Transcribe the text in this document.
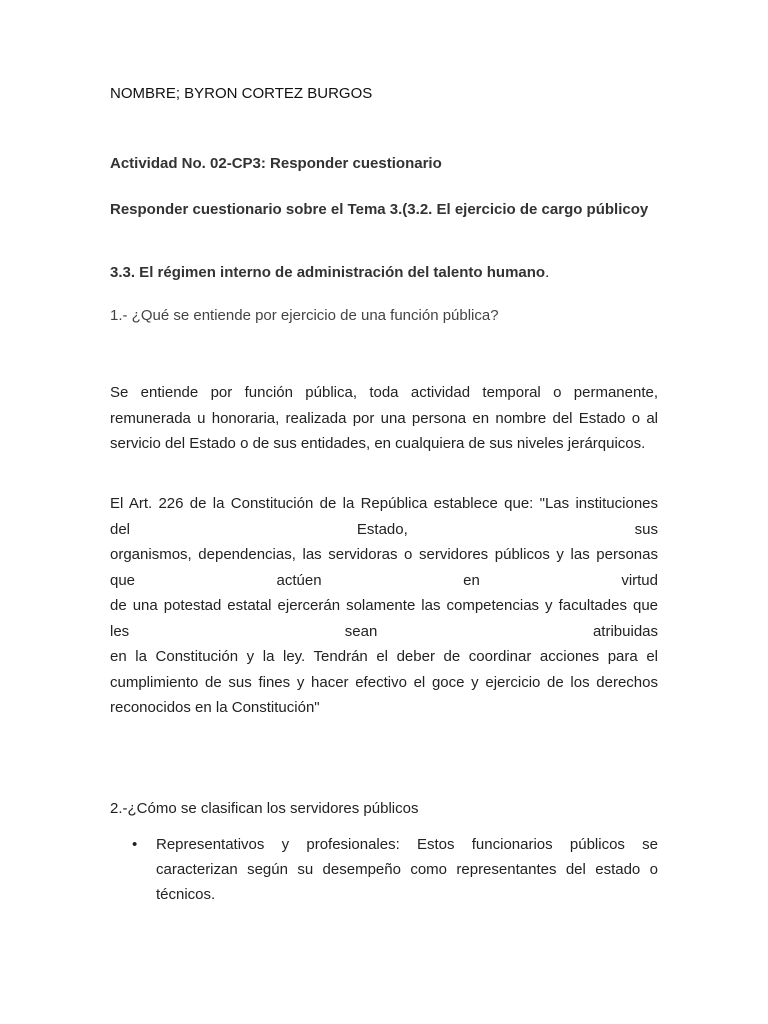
NOMBRE; BYRON CORTEZ BURGOS

Actividad No. 02-CP3: Responder cuestionario

Responder cuestionario sobre el Tema 3.(3.2. El ejercicio de cargo públicoy

3.3. El régimen interno de administración del talento humano.

1.- ¿Qué se entiende por ejercicio de una función pública?

Se entiende por función pública, toda actividad temporal o permanente, remunerada u honoraria, realizada por una persona en nombre del Estado o al servicio del Estado o de sus entidades, en cualquiera de sus niveles jerárquicos.

El Art. 226 de la Constitución de la República establece que: "Las instituciones
del Estado, sus
organismos, dependencias, las servidoras o servidores públicos y las personas
que actúen en virtud
de una potestad estatal ejercerán solamente las competencias y facultades que
les sean atribuidas
en la Constitución y la ley. Tendrán el deber de coordinar acciones para el
cumplimiento de sus fines y hacer efectivo el goce y ejercicio de los derechos
reconocidos en la Constitución"

2.-¿Cómo se clasifican los servidores públicos

• Representativos y profesionales: Estos funcionarios públicos se caracterizan según su desempeño como representantes del estado o técnicos.
